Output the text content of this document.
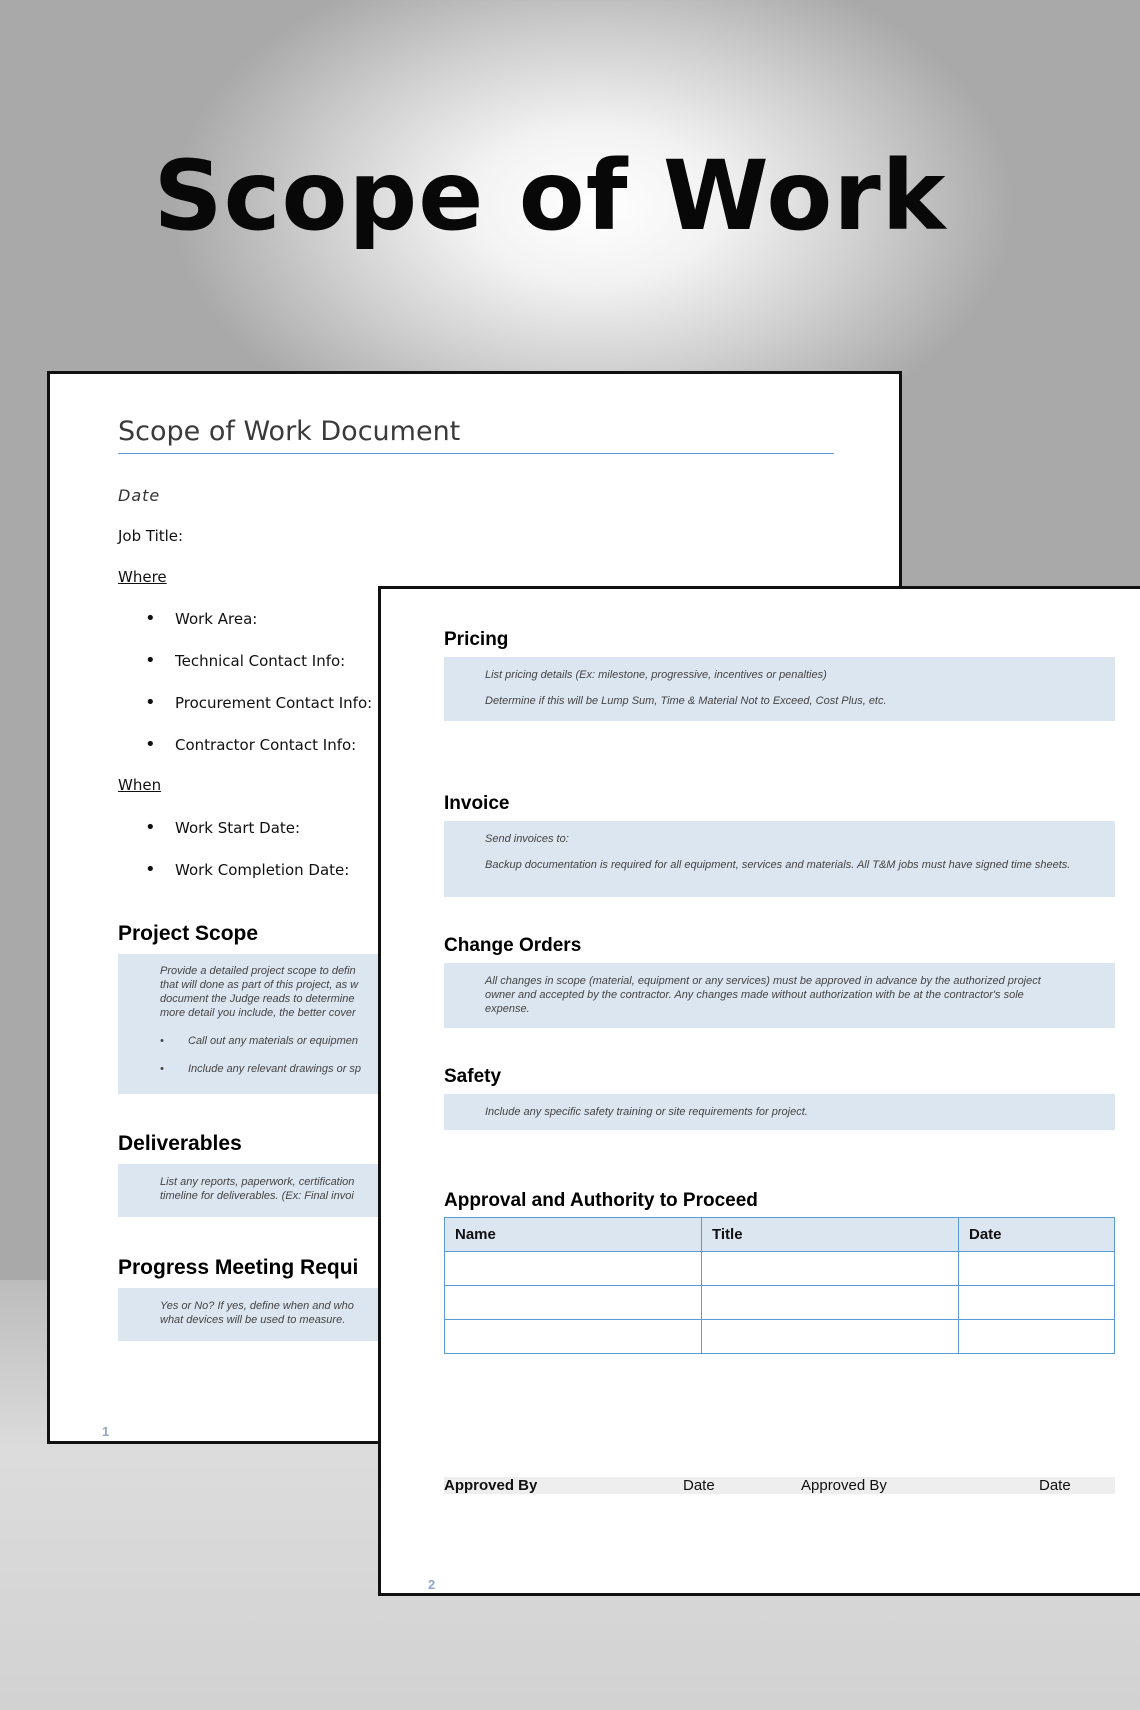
Scope of Work
Scope of Work Document
Date
Job Title:
Where
• Work Area:
• Technical Contact Info:
• Procurement Contact Info:
• Contractor Contact Info:
When
• Work Start Date:
• Work Completion Date:
Project Scope

Provide a detailed project scope to defin

that will done as part of this project, as w

document the Judge reads to determine

more detail you include, the better cover

• Call out any materials or equipmen

• Include any relevant drawings or sp

Deliverables

List any reports, paperwork, certification

timeline for deliverables. (Ex: Final invoi

Progress Meeting Requi

Yes or No? If yes, define when and who

what devices will be used to measure.

1
Pricing

List pricing details (Ex: milestone, progressive, incentives or penalties)

Determine if this will be Lump Sum, Time & Material Not to Exceed, Cost Plus, etc.

Invoice

Send invoices to:

Backup documentation is required for all equipment, services and materials. All T&M jobs must have signed time sheets.

Change Orders

All changes in scope (material, equipment or any services) must be approved in advance by the authorized project owner and accepted by the contractor. Any changes made without authorization with be at the contractor's sole expense.

Safety

Include any specific safety training or site requirements for project.

Approval and Authority to Proceed
Name	Title	Date

Approved By	Date	Approved By	Date
2
